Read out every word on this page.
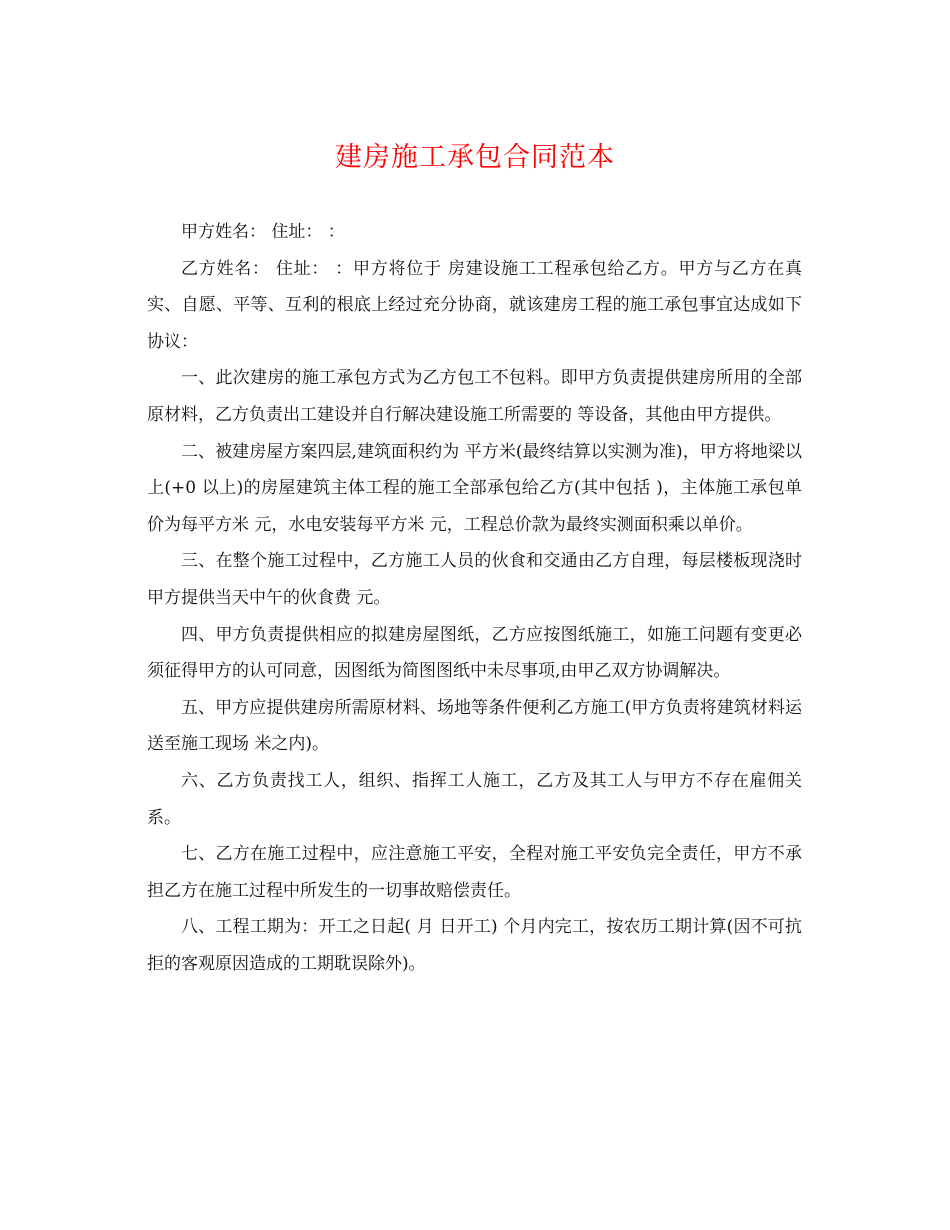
建房施工承包合同范本

甲方姓名： 住址： ：

乙方姓名： 住址： ：甲方将位于 房建设施工工程承包给乙方。甲方与乙方在真实、自愿、平等、互利的根底上经过充分协商，就该建房工程的施工承包事宜达成如下协议：

一、此次建房的施工承包方式为乙方包工不包料。即甲方负责提供建房所用的全部原材料，乙方负责出工建设并自行解决建设施工所需要的 等设备，其他由甲方提供。

二、被建房屋方案四层,建筑面积约为 平方米(最终结算以实测为准)，甲方将地梁以上(+0 以上)的房屋建筑主体工程的施工全部承包给乙方(其中包括 )，主体施工承包单价为每平方米 元，水电安装每平方米 元，工程总价款为最终实测面积乘以单价。

三、在整个施工过程中，乙方施工人员的伙食和交通由乙方自理，每层楼板现浇时甲方提供当天中午的伙食费 元。

四、甲方负责提供相应的拟建房屋图纸，乙方应按图纸施工，如施工问题有变更必须征得甲方的认可同意，因图纸为简图图纸中未尽事项,由甲乙双方协调解决。

五、甲方应提供建房所需原材料、场地等条件便利乙方施工(甲方负责将建筑材料运送至施工现场 米之内)。

六、乙方负责找工人，组织、指挥工人施工，乙方及其工人与甲方不存在雇佣关系。

七、乙方在施工过程中，应注意施工平安，全程对施工平安负完全责任，甲方不承担乙方在施工过程中所发生的一切事故赔偿责任。

八、工程工期为：开工之日起( 月 日开工) 个月内完工，按农历工期计算(因不可抗拒的客观原因造成的工期耽误除外)。
